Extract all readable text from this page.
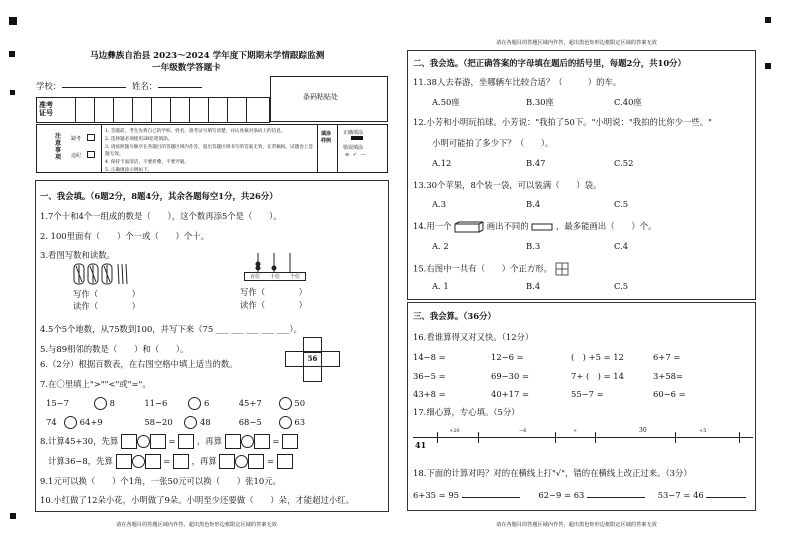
马边彝族自治县 2023～2024 学年度下期期末学情跟踪监测
一年级数学答题卡
学校：	姓名：
准考证号
条码粘贴处
注意事项
缺考
违纪
1. 答题前，考生先将自己的学校、姓名、准考证号填写清楚，并认真核对条码上的信息。
2. 选择题必须使用2B铅笔填涂。
3. 请按照题号顺序在各题目的答题区域内作答，超出答题区域书写的答案无效，在草稿纸、试题卷上答题无效。
4. 保持卡面清洁，不要折叠、不要弄破。
5. 正确填涂示例如下。
填涂样例
正确填涂
错误填涂
⊘ ✓ —
一、我会填。（6题2分，8题4分，其余各题每空1分，共26分）
1.7个十和4个一组成的数是（　　），这个数再添5个是（　　）。
2. 100里面有（　　）个一或（　　）个十。
3.看图写数和读数。
写作（　　　　）
读作（　　　　）
百位 十位 个位
写作（　　　　）
读作（　　　　）
4.5个5个地数，从75数到100，并写下来（75 ___ ___ ___ ___ ___）。
5.与89相邻的数是（　　）和（　　）。
6.（2分）根据百数表，在右图空格中填上适当的数。
56
7.在〇里填上">""<"或"="。
15−7	8	11−6	6	45+7	50
74	64+9	58−20	48	68−5	63
8.计算45+30，先算	=  ，再算	=
计算36−8，先算	=  ，再算	=
9.1元可以换（　　）个1角，一张50元可以换（　　）张10元。
10.小红做了12朵小花，小明做了9朵。小明至少还要做（　　）朵，才能超过小红。
请在各题目的答题区域内作答，超出黑色矩形边框限定区域的答案无效
请在各题目的答题区域内作答，超出黑色矩形边框限定区域的答案无效
二、我会选。（把正确答案的字母填在题后的括号里，每题2分，共10分）
11.38人去春游，坐哪辆车比较合适？（　　　）的车。
A.50座	B.30座	C.40座
12.小芳和小明玩拍球。小芳说："我拍了50下。"小明说："我拍的比你少一些。"
小明可能拍了多少下？（　　）。
A.12	B.47	C.52
13.30个苹果，8个装一袋，可以装满（　　）袋。
A.3	B.4	C.5
14.用一个	画出不同的	，最多能画出（　　）个。
A. 2	B.3	C.4
15.右图中一共有（　　）个正方形。
A. 1	B.4	C.5
三、我会算。（36分）
16.看谁算得又对又快。（12分）
14−8 =	12−6 =	(　) +5 = 12	6+7 =
36−5 =	69−30 =	7+ (　) = 14	3+58=
43+8 =	40+17 =	55−7 =	60−6 =
17.细心算，专心填。（5分）
41
+20	−6	+	30	+5
18.下面的计算对吗？对的在横线上打"√"，错的在横线上改正过来。（3分）
6+35 = 95	62−9 = 63	53−7 = 46
请在各题目的答题区域内作答，超出黑色矩形边框限定区域的答案无效
